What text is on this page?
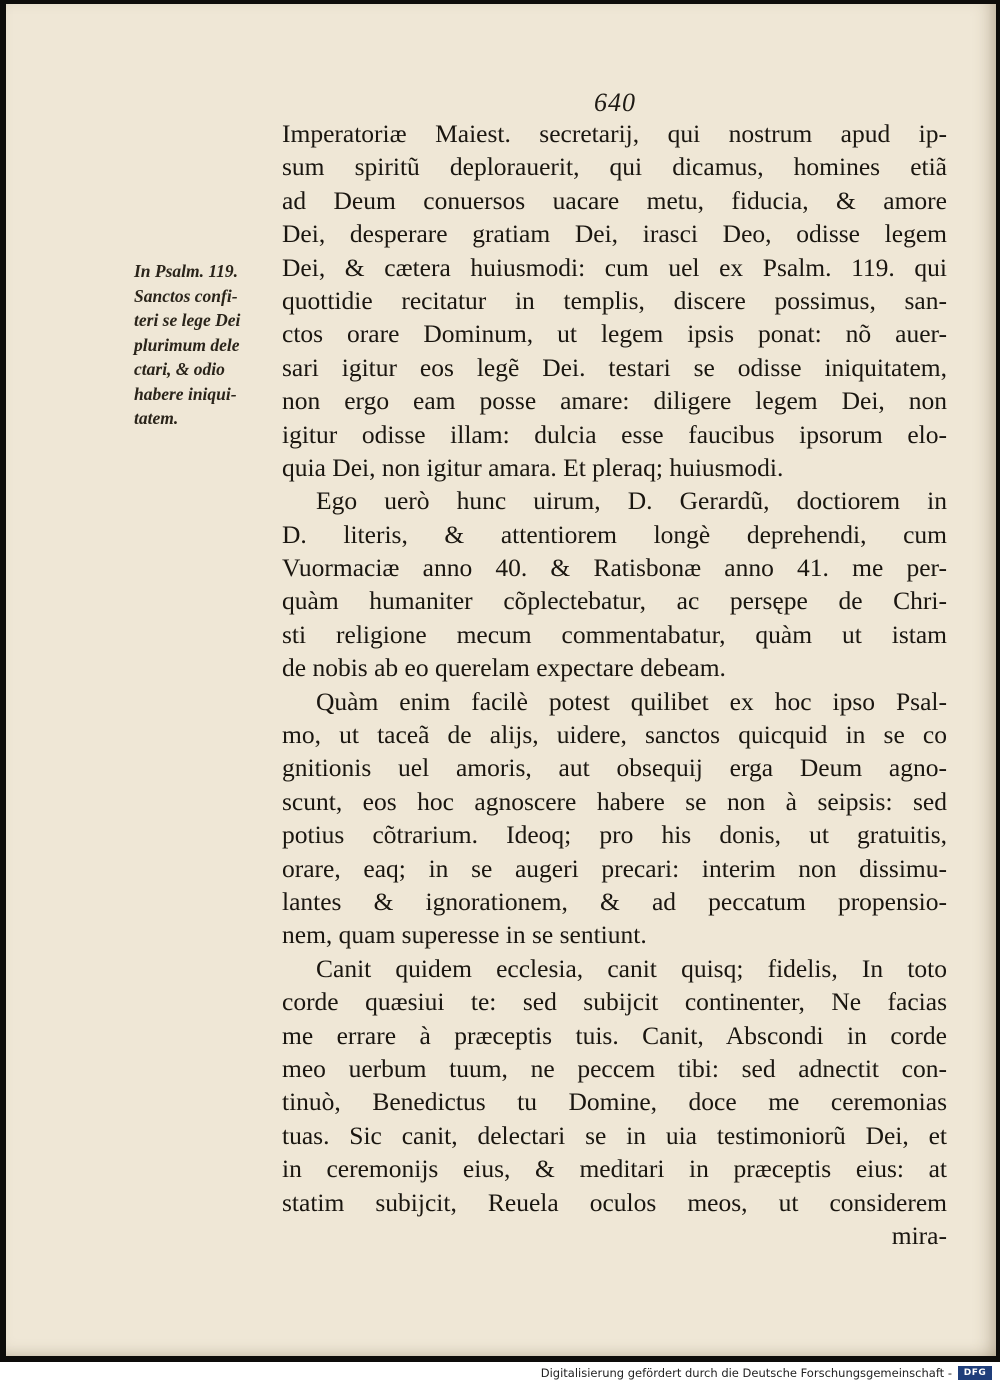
640
In Psalm. 119.
Sanctos confi-
teri se lege Dei
plurimum dele
ctari, & odio
habere iniqui-
tatem.
Imperatoriæ Maiest. secretarij, qui nostrum apud ip-
sum spiritũ deplorauerit, qui dicamus, homines etiã
ad Deum conuersos uacare metu, fiducia, & amore
Dei, desperare gratiam Dei, irasci Deo, odisse legem
Dei, & cætera huiusmodi: cum uel ex Psalm. 119. qui
quottidie recitatur in templis, discere possimus, san-
ctos orare Dominum, ut legem ipsis ponat: nõ auer-
sari igitur eos legẽ Dei. testari se odisse iniquitatem,
non ergo eam posse amare: diligere legem Dei, non
igitur odisse illam: dulcia esse faucibus ipsorum elo-
quia Dei, non igitur amara. Et pleraq; huiusmodi.
Ego uerò hunc uirum, D. Gerardũ, doctiorem in
D. literis, & attentiorem longè deprehendi, cum
Vuormaciæ anno 40. & Ratisbonæ anno 41. me per-
quàm humaniter cõplectebatur, ac persępe de Chri-
sti religione mecum commentabatur, quàm ut istam
de nobis ab eo querelam expectare debeam.
Quàm enim facilè potest quilibet ex hoc ipso Psal-
mo, ut taceã de alijs, uidere, sanctos quicquid in se co
gnitionis uel amoris, aut obsequij erga Deum agno-
scunt, eos hoc agnoscere habere se non à seipsis: sed
potius cõtrarium. Ideoq; pro his donis, ut gratuitis,
orare, eaq; in se augeri precari: interim non dissimu-
lantes & ignorationem, & ad peccatum propensio-
nem, quam superesse in se sentiunt.
Canit quidem ecclesia, canit quisq; fidelis, In toto
corde quæsiui te: sed subijcit continenter, Ne facias
me errare à præceptis tuis. Canit, Abscondi in corde
meo uerbum tuum, ne peccem tibi: sed adnectit con-
tinuò, Benedictus tu Domine, doce me ceremonias
tuas. Sic canit, delectari se in uia testimoniorũ Dei, et
in ceremonijs eius, & meditari in præceptis eius: at
statim subijcit, Reuela oculos meos, ut considerem
mira-
Digitalisierung gefördert durch die Deutsche Forschungsgemeinschaft -	DFG
